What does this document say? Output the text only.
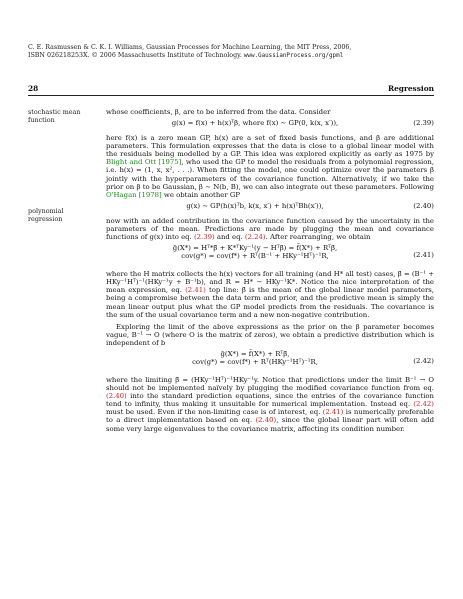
C. E. Rasmussen & C. K. I. Williams, Gaussian Processes for Machine Learning, the MIT Press, 2006,
ISBN 026218253X. © 2006 Massachusetts Institute of Technology. www.GaussianProcess.org/gpml
28	Regression
stochastic mean function
polynomial regression

whose coefficients, β, are to be inferred from the data. Consider

g(x) = f(x) + h(x)ᵀβ, where f(x) ∼ GP(0, k(x, x′)),	(2.39)

here f(x) is a zero mean GP, h(x) are a set of fixed basis functions, and β are additional parameters. This formulation expresses that the data is close to a global linear model with the residuals being modelled by a GP. This idea was explored explicitly as early as 1975 by Blight and Ott [1975], who used the GP to model the residuals from a polynomial regression, i.e. h(x) = (1, x, x², . . .). When fitting the model, one could optimize over the parameters β jointly with the hyperparameters of the covariance function. Alternatively, if we take the prior on β to be Gaussian, β ∼ N(b, B), we can also integrate out these parameters. Following O'Hagan [1978] we obtain another GP

g(x) ∼ GP(h(x)ᵀb, k(x, x′) + h(x)ᵀBh(x′)),	(2.40)

now with an added contribution in the covariance function caused by the uncertainty in the parameters of the mean. Predictions are made by plugging the mean and covariance functions of g(x) into eq. (2.39) and eq. (2.24). After rearranging, we obtain

ḡ(X*) = Hᵀ*β̄ + K*ᵀKy⁻¹(y − Hᵀβ̄) = f̄(X*) + Rᵀβ̄,
cov(g*) = cov(f*) + Rᵀ(B⁻¹ + HKy⁻¹Hᵀ)⁻¹R,	(2.41)

where the H matrix collects the h(x) vectors for all training (and H* all test) cases, β̄ = (B⁻¹ + HKy⁻¹Hᵀ)⁻¹(HKy⁻¹y + B⁻¹b), and R = H* − HKy⁻¹K*. Notice the nice interpretation of the mean expression, eq. (2.41) top line: β̄ is the mean of the global linear model parameters, being a compromise between the data term and prior, and the predictive mean is simply the mean linear output plus what the GP model predicts from the residuals. The covariance is the sum of the usual covariance term and a new non-negative contribution.

Exploring the limit of the above expressions as the prior on the β parameter becomes vague, B⁻¹ → O (where O is the matrix of zeros), we obtain a predictive distribution which is independent of b

ḡ(X*) = f̄(X*) + Rᵀβ̄,
cov(g*) = cov(f*) + Rᵀ(HKy⁻¹Hᵀ)⁻¹R,	(2.42)

where the limiting β̄ = (HKy⁻¹Hᵀ)⁻¹HKy⁻¹y. Notice that predictions under the limit B⁻¹ → O should not be implemented naïvely by plugging the modified covariance function from eq. (2.40) into the standard prediction equations, since the entries of the covariance function tend to infinity, thus making it unsuitable for numerical implementation. Instead eq. (2.42) must be used. Even if the non-limiting case is of interest, eq. (2.41) is numerically preferable to a direct implementation based on eq. (2.40), since the global linear part will often add some very large eigenvalues to the covariance matrix, affecting its condition number.
